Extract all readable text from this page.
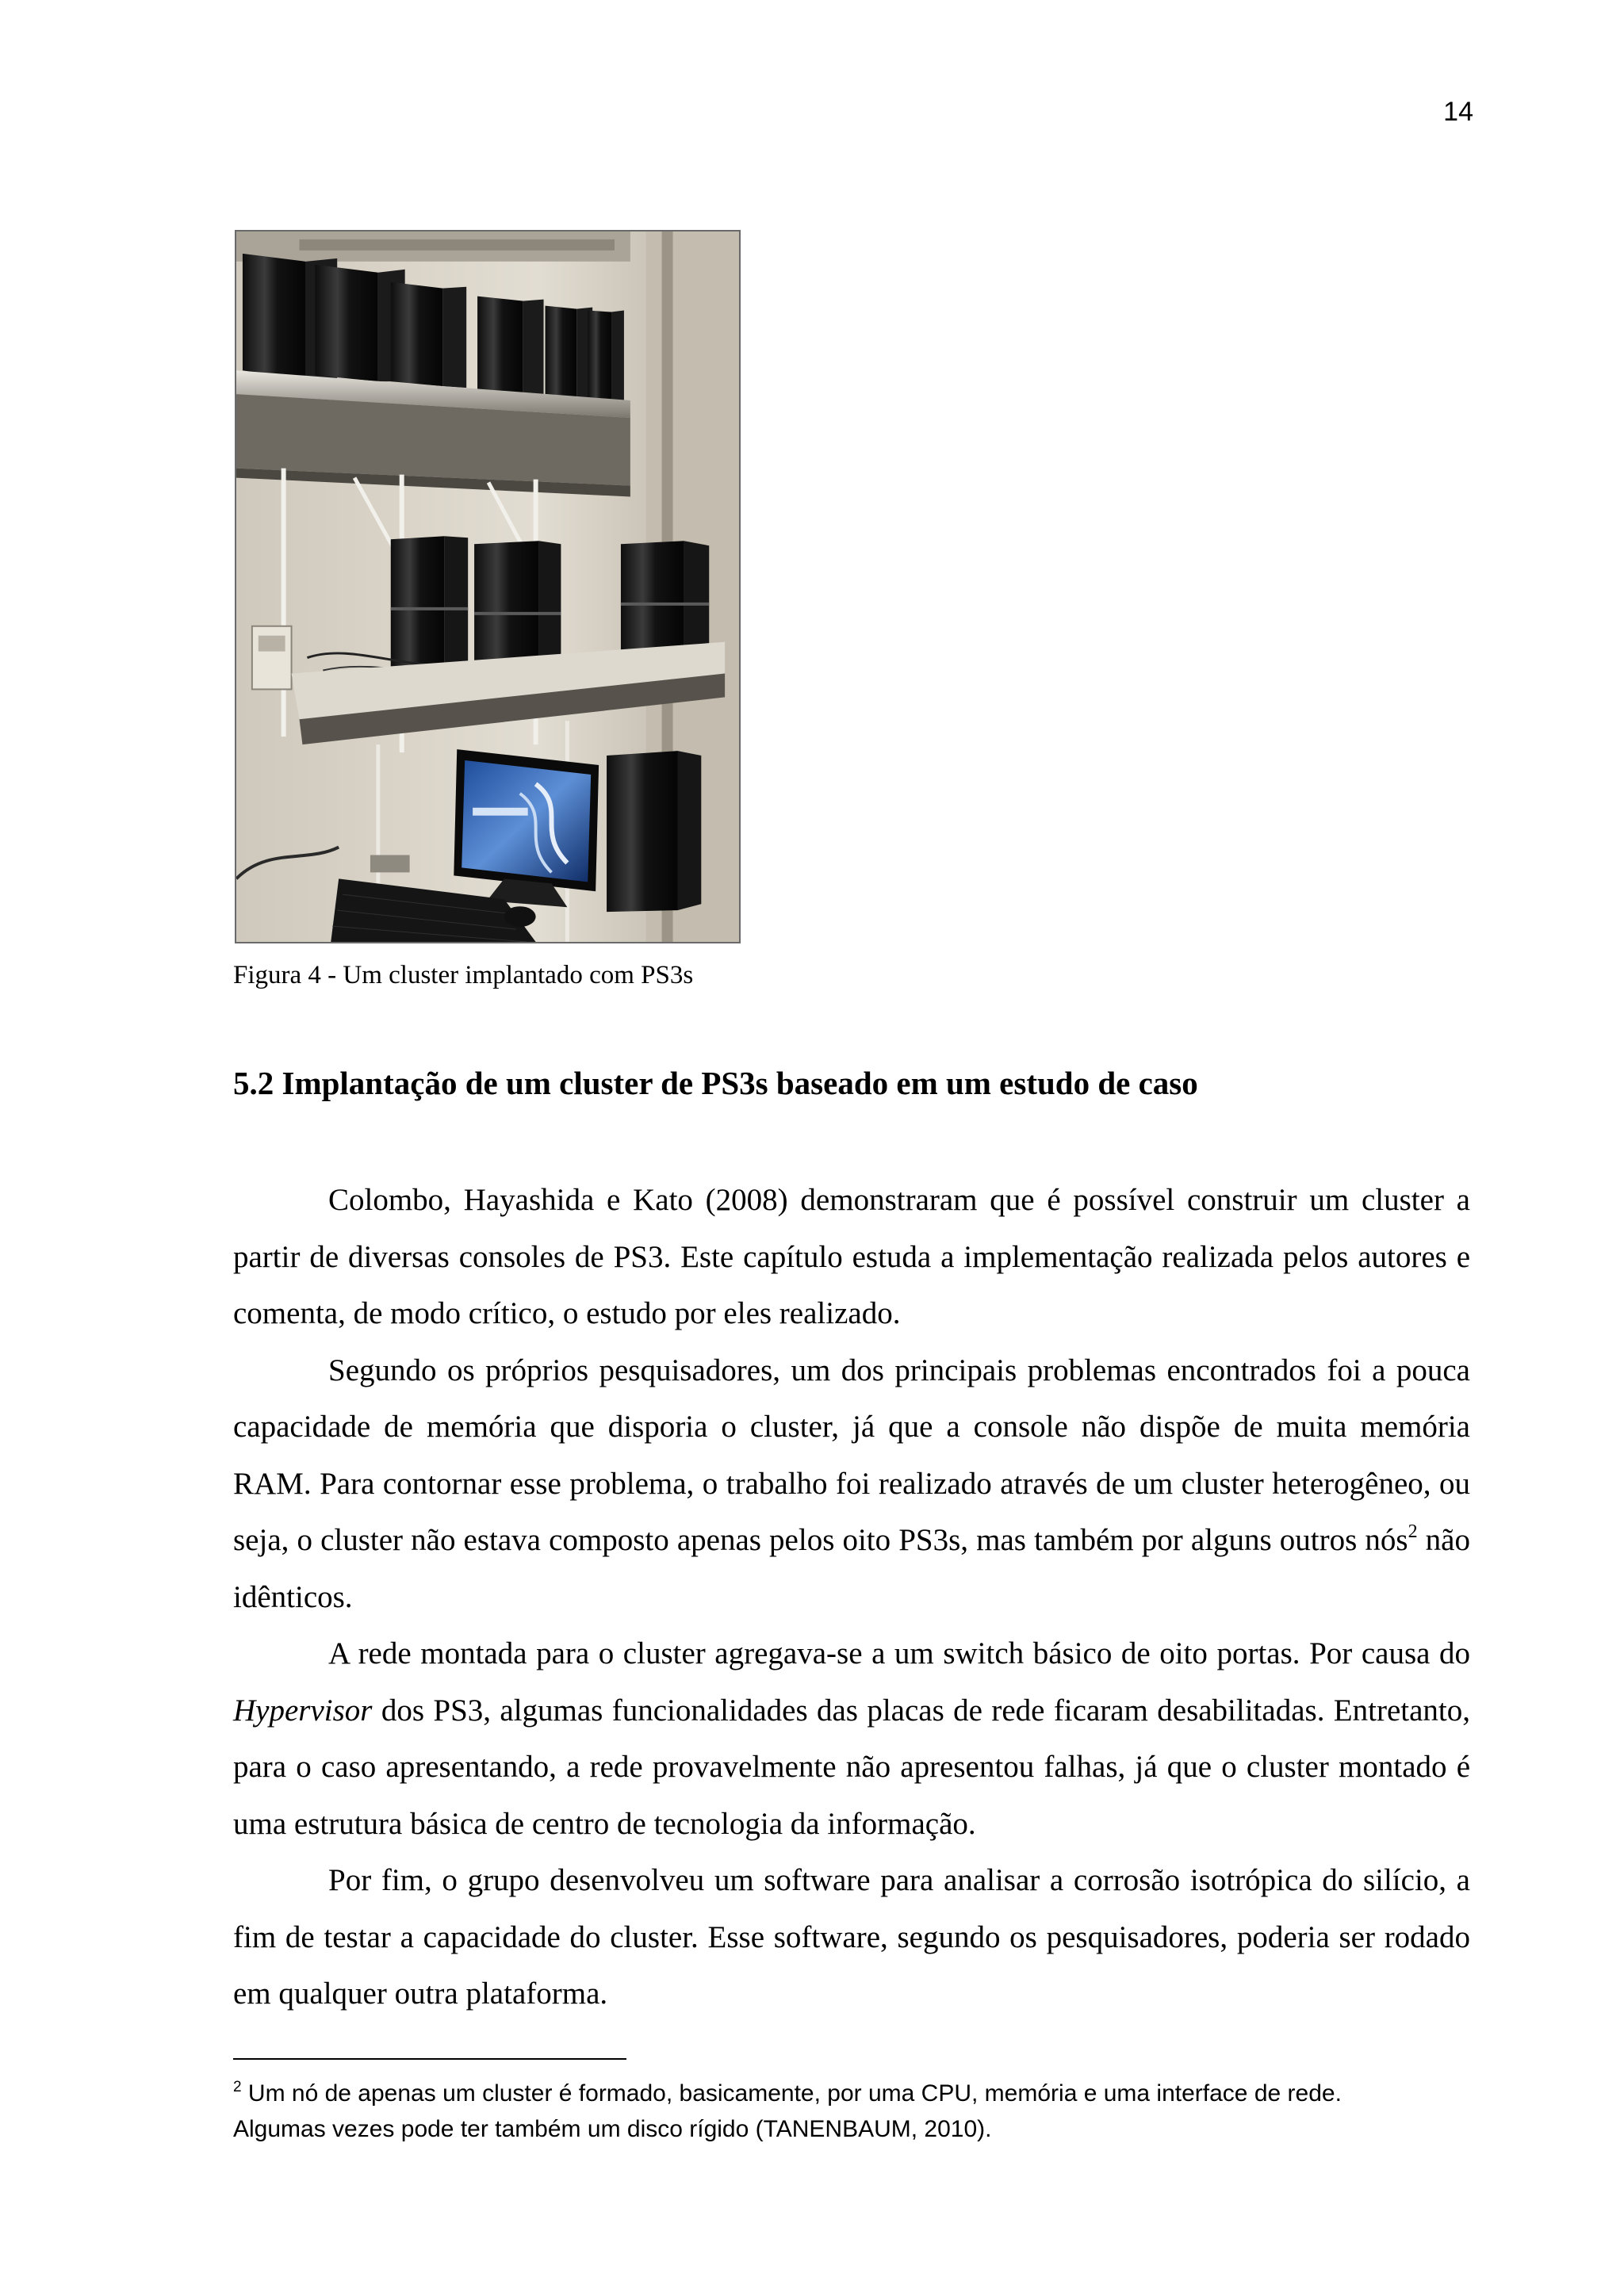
14
Figura 4 - Um cluster implantado com PS3s
5.2 Implantação de um cluster de PS3s baseado em um estudo de caso

Colombo, Hayashida e Kato (2008) demonstraram que é possível construir um cluster a partir de diversas consoles de PS3. Este capítulo estuda a implementação realizada pelos autores e comenta, de modo crítico, o estudo por eles realizado.

Segundo os próprios pesquisadores, um dos principais problemas encontrados foi a pouca capacidade de memória que disporia o cluster, já que a console não dispõe de muita memória RAM. Para contornar esse problema, o trabalho foi realizado através de um cluster heterogêneo, ou seja, o cluster não estava composto apenas pelos oito PS3s, mas também por alguns outros nós$^2$ não idênticos.

A rede montada para o cluster agregava-se a um switch básico de oito portas. Por causa do Hypervisor dos PS3, algumas funcionalidades das placas de rede ficaram desabilitadas. Entretanto, para o caso apresentando, a rede provavelmente não apresentou falhas, já que o cluster montado é uma estrutura básica de centro de tecnologia da informação.

Por fim, o grupo desenvolveu um software para analisar a corrosão isotrópica do silício, a fim de testar a capacidade do cluster. Esse software, segundo os pesquisadores, poderia ser rodado em qualquer outra plataforma.

$^2$ Um nó de apenas um cluster é formado, basicamente, por uma CPU, memória e uma interface de rede.
Algumas vezes pode ter também um disco rígido (TANENBAUM, 2010).
